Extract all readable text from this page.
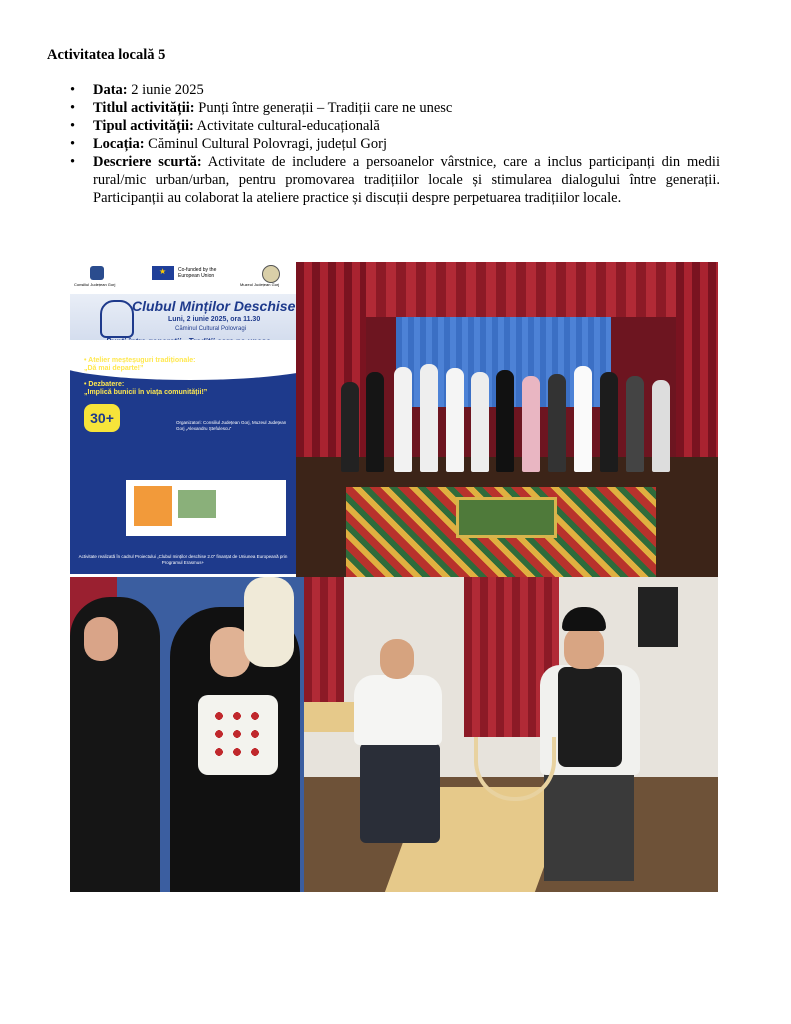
Activitatea locală 5
• Data: 2 iunie 2025
• Titlul activității: Punți între generații – Tradiții care ne unesc
• Tipul activității: Activitate cultural-educațională
• Locația: Căminul Cultural Polovragi, județul Gorj
• Descriere scurtă: Activitate de includere a persoanelor vârstnice, care a inclus participanți din medii rural/mic urban/urban, pentru promovarea tradițiilor locale și stimularea dialogului între generații. Participanții au colaborat la ateliere practice și discuții despre perpetuarea tradițiilor locale.
Consiliul Județean Gorj
★
Co-funded by the European Union
Muzeul Județean Gorj
Clubul Minților Deschise
Luni, 2 iunie 2025, ora 11.30
Căminul Cultural Polovragi
• Atelier meșteșuguri tradiționale:
„Dă mai departe!”
• Dezbatere:
„Implică bunicii în viața comunității!”
30+	Organizatori: Consiliul Județean Gorj, Muzeul Județean Gorj „Alexandru Ștefulescu”
Activitate realizată în cadrul Proiectului „Clubul minților deschise 2.0” finanțat de Uniunea Europeană prin Programul Erasmus+
